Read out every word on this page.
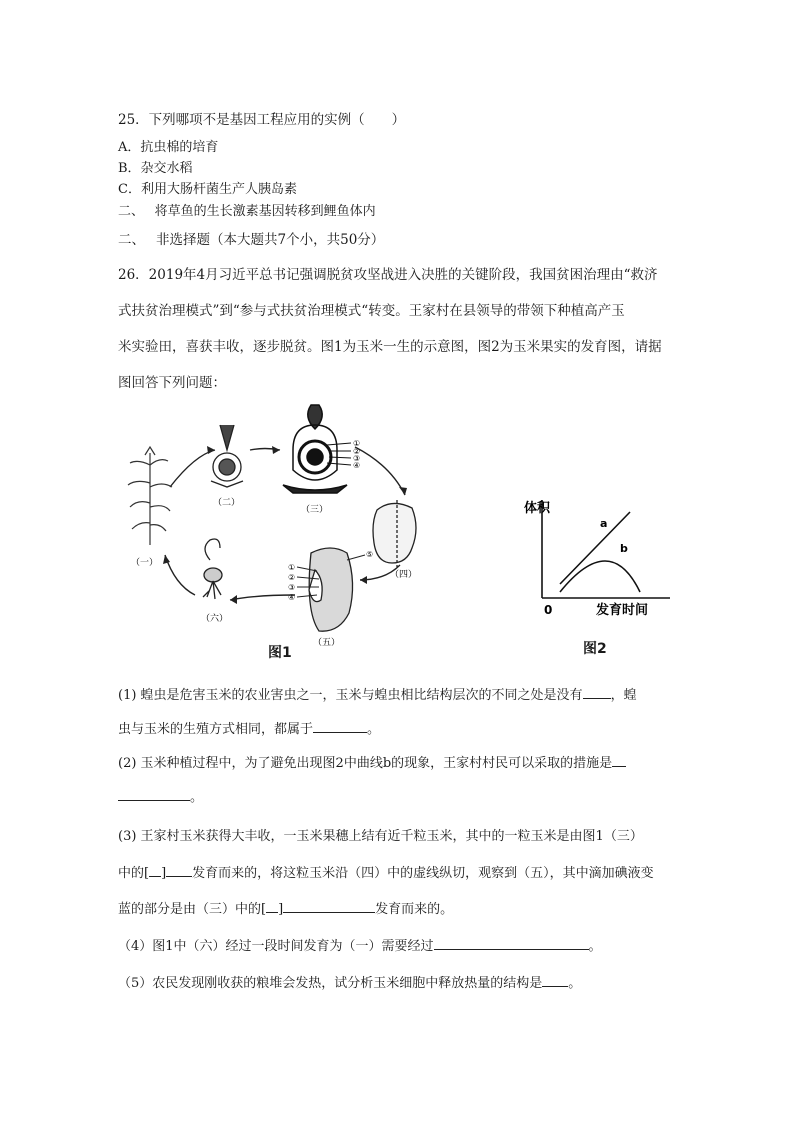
25．下列哪项不是基因工程应用的实例（　　）
A．抗虫棉的培育
B．杂交水稻
C．利用大肠杆菌生产人胰岛素
二、　 将草鱼的生长激素基因转移到鲤鱼体内
二、　 非选择题（本大题共7个小，共50分）
26．2019年4月习近平总书记强调脱贫攻坚战进入决胜的关键阶段，我国贫困治理由“救济
式扶贫治理模式”到“参与式扶贫治理模式“转变。王家村在县领导的带领下种植高产玉
米实验田，喜获丰收，逐步脱贫。图1为玉米一生的示意图，图2为玉米果实的发育图，请据
图回答下列问题：
①
②
③
④
①
②
③
④
⑤
（一）
（二）
（三）
（四）
（五）
（六）
图1
体积
a
b
0	发育时间
图2
(1) 蝗虫是危害玉米的农业害虫之一，玉米与蝗虫相比结构层次的不同之处是没有 ，蝗
虫与玉米的生殖方式相同，都属于	。
(2) 玉米种植过程中，为了避免出现图2中曲线b的现象，王家村村民可以采取的措施是
。
(3) 王家村玉米获得大丰收，一玉米果穗上结有近千粒玉米，其中的一粒玉米是由图1（三）
中的[ ] 发育而来的，将这粒玉米沿（四）中的虚线纵切，观察到（五），其中滴加碘液变
蓝的部分是由（三）中的[ ]	发育而来的。
（4）图1中（六）经过一段时间发育为（一）需要经过	。
（5）农民发现刚收获的粮堆会发热，试分析玉米细胞中释放热量的结构是 。
